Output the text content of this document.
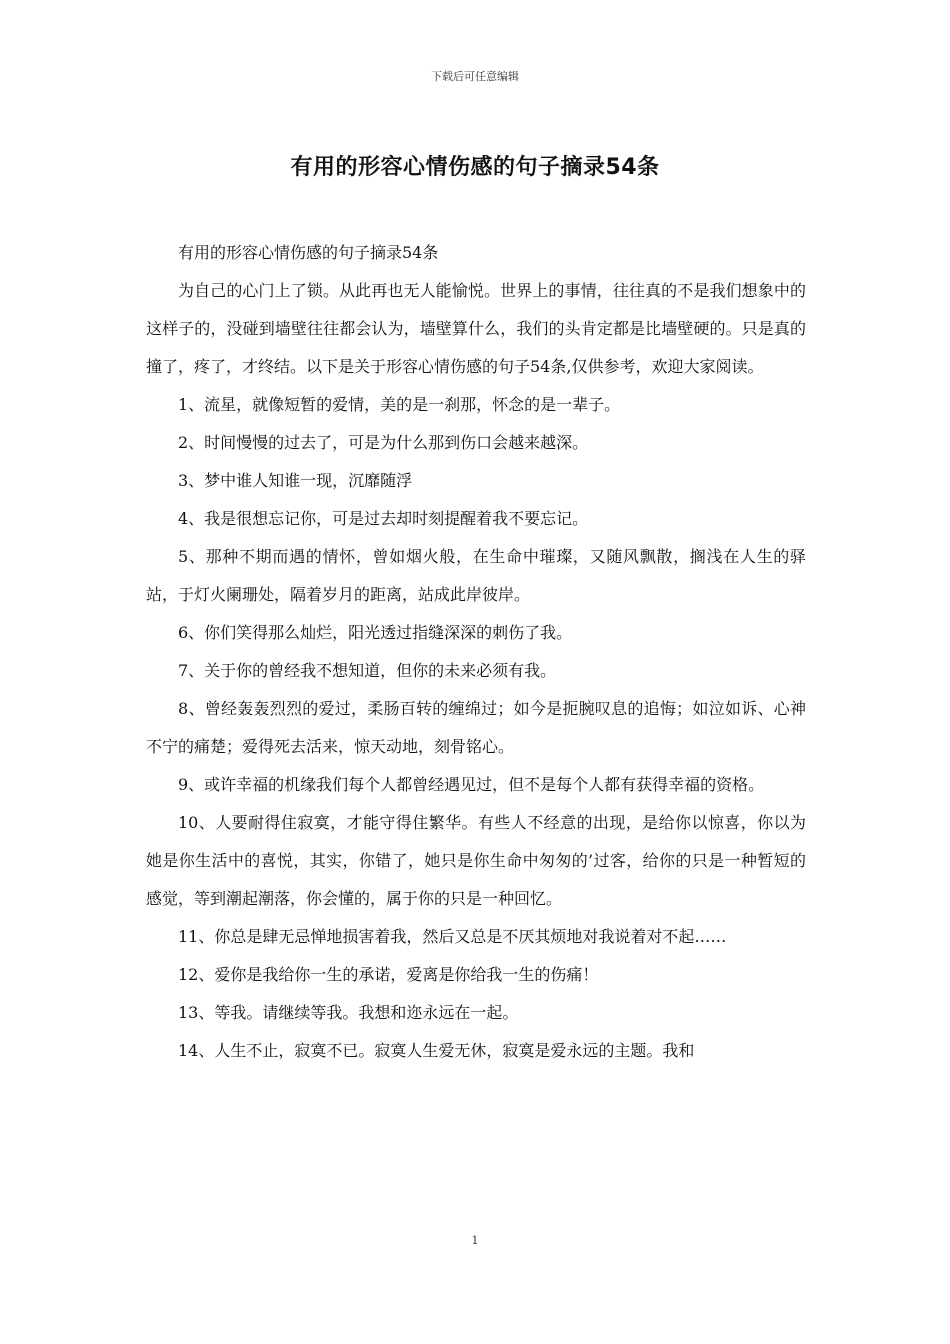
下载后可任意编辑
有用的形容心情伤感的句子摘录54条

有用的形容心情伤感的句子摘录54条

为自己的心门上了锁。从此再也无人能愉悦。世界上的事情，往往真的不是我们想象中的这样子的，没碰到墙壁往往都会认为，墙壁算什么，我们的头肯定都是比墙壁硬的。只是真的撞了，疼了，才终结。以下是关于形容心情伤感的句子54条,仅供参考，欢迎大家阅读。

1、流星，就像短暂的爱情，美的是一刹那，怀念的是一辈子。

2、时间慢慢的过去了，可是为什么那到伤口会越来越深。

3、梦中谁人知谁一现，沉靡随浮

4、我是很想忘记你，可是过去却时刻提醒着我不要忘记。

5、那种不期而遇的情怀，曾如烟火般，在生命中璀璨，又随风飘散，搁浅在人生的驿站，于灯火阑珊处，隔着岁月的距离，站成此岸彼岸。

6、你们笑得那么灿烂，阳光透过指缝深深的刺伤了我。

7、关于你的曾经我不想知道，但你的未来必须有我。

8、曾经轰轰烈烈的爱过，柔肠百转的缠绵过；如今是扼腕叹息的追悔；如泣如诉、心神不宁的痛楚；爱得死去活来，惊天动地，刻骨铭心。

9、或许幸福的机缘我们每个人都曾经遇见过，但不是每个人都有获得幸福的资格。

10、人要耐得住寂寞，才能守得住繁华。有些人不经意的出现，是给你以惊喜，你以为她是你生活中的喜悦，其实，你错了，她只是你生命中匆匆的’过客，给你的只是一种暂短的感觉，等到潮起潮落，你会懂的，属于你的只是一种回忆。

11、你总是肆无忌惮地损害着我，然后又总是不厌其烦地对我说着对不起……

12、爱你是我给你一生的承诺，爱离是你给我一生的伤痛！

13、等我。请继续等我。我想和迩永远在一起。

14、人生不止，寂寞不已。寂寞人生爱无休，寂寞是爱永远的主题。我和

1
